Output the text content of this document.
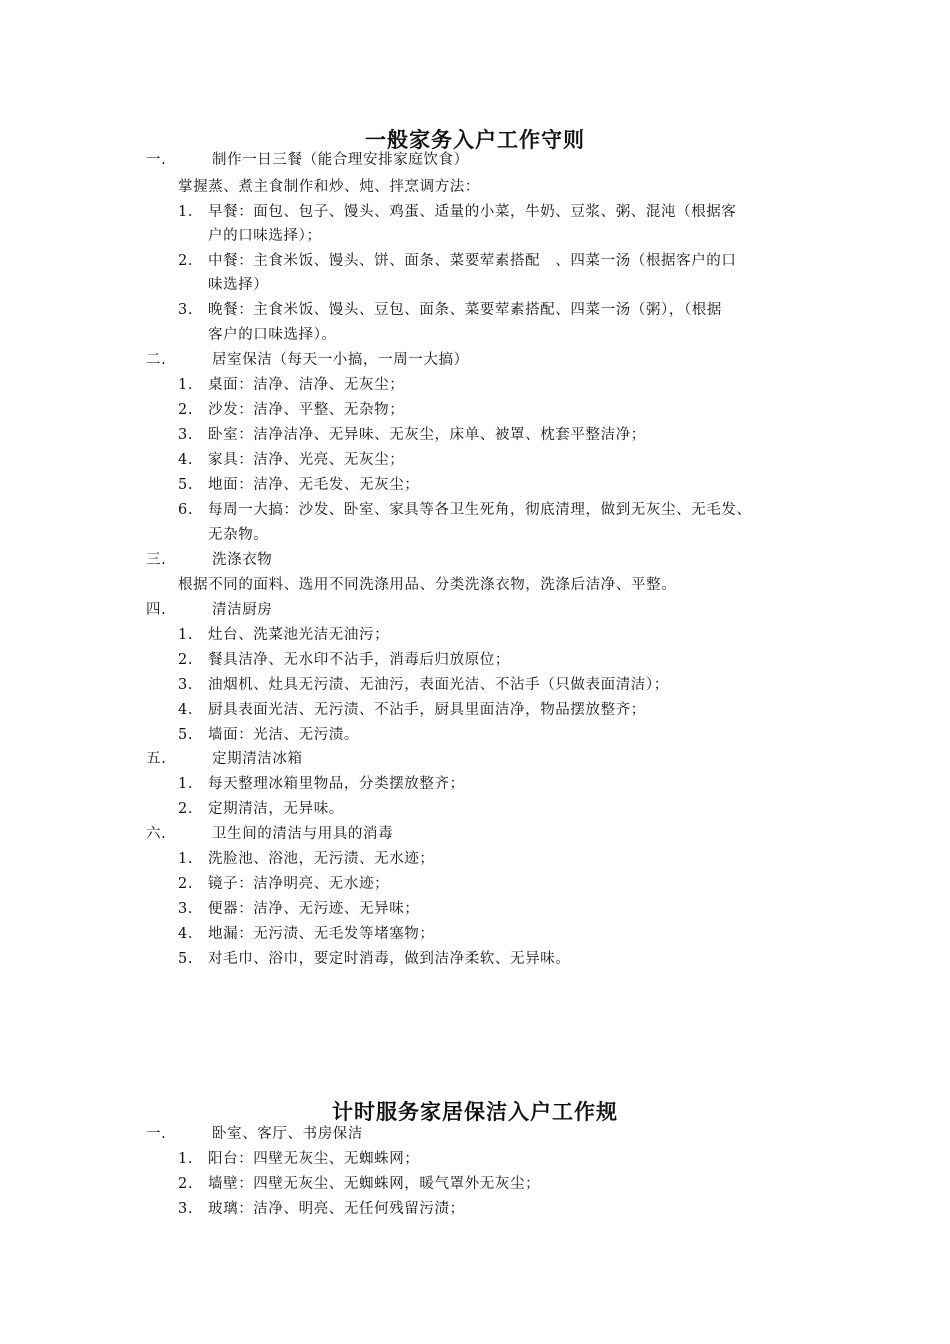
一般家务入户工作守则
一.	制作一日三餐（能合理安排家庭饮食）
掌握蒸、煮主食制作和炒、炖、拌烹调方法：
1. 早餐：面包、包子、馒头、鸡蛋、适量的小菜，牛奶、豆浆、粥、混沌（根据客
户的口味选择）；
2. 中餐：主食米饭、馒头、饼、面条、菜要荤素搭配　、四菜一汤（根据客户的口
味选择）
3. 晚餐：主食米饭、馒头、豆包、面条、菜要荤素搭配、四菜一汤（粥），（根据
客户的口味选择）。
二.	居室保洁（每天一小搞，一周一大搞）
1. 桌面：洁净、洁净、无灰尘；
2. 沙发：洁净、平整、无杂物；
3. 卧室：洁净洁净、无异味、无灰尘，床单、被罩、枕套平整洁净；
4. 家具：洁净、光亮、无灰尘；
5. 地面：洁净、无毛发、无灰尘；
6. 每周一大搞：沙发、卧室、家具等各卫生死角，彻底清理，做到无灰尘、无毛发、
无杂物。
三.	洗涤衣物
根据不同的面料、选用不同洗涤用品、分类洗涤衣物，洗涤后洁净、平整。
四.	清洁厨房
1. 灶台、洗菜池光洁无油污；
2. 餐具洁净、无水印不沾手，消毒后归放原位；
3. 油烟机、灶具无污渍、无油污，表面光洁、不沾手（只做表面清洁）；
4. 厨具表面光洁、无污渍、不沾手，厨具里面洁净，物品摆放整齐；
5. 墙面：光洁、无污渍。
五.	定期清洁冰箱
1. 每天整理冰箱里物品，分类摆放整齐；
2. 定期清洁，无异味。
六.	卫生间的清洁与用具的消毒
1. 洗脸池、浴池，无污渍、无水迹；
2. 镜子：洁净明亮、无水迹；
3. 便器：洁净、无污迹、无异味；
4. 地漏：无污渍、无毛发等堵塞物；
5. 对毛巾、浴巾，要定时消毒，做到洁净柔软、无异味。
计时服务家居保洁入户工作规
一.	卧室、客厅、书房保洁
1. 阳台：四壁无灰尘、无蜘蛛网；
2. 墙壁：四壁无灰尘、无蜘蛛网，暖气罩外无灰尘；
3. 玻璃：洁净、明亮、无任何残留污渍；
